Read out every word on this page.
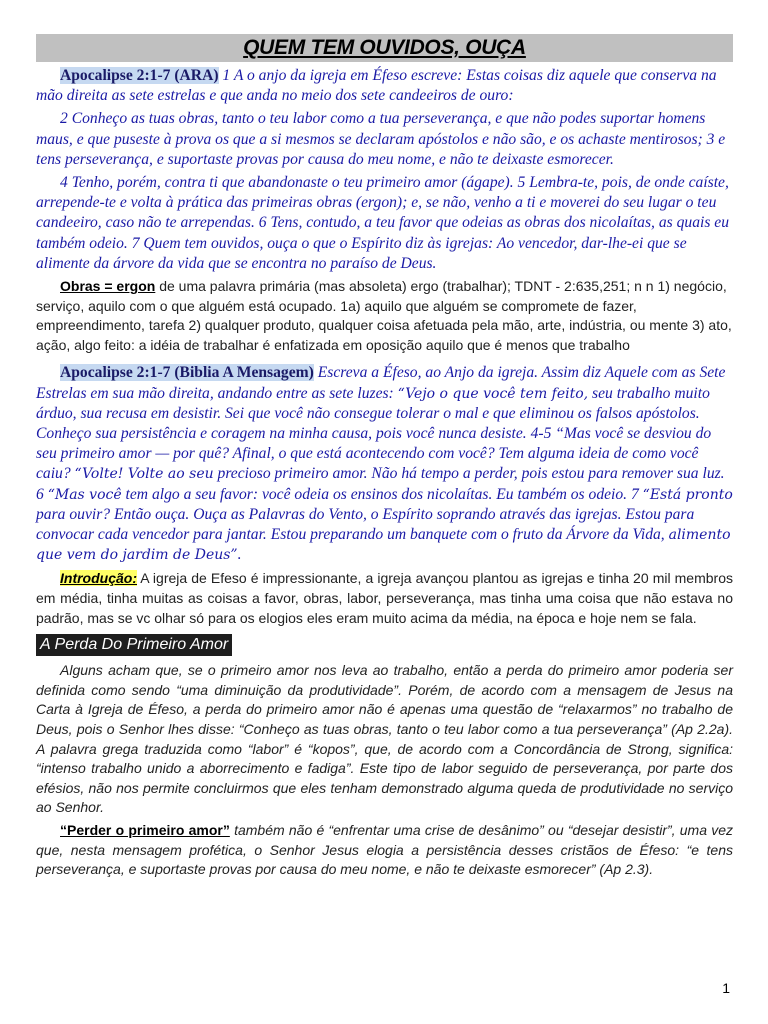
QUEM TEM OUVIDOS, OUÇA

Apocalipse 2:1-7 (ARA) 1 A o anjo da igreja em Éfeso escreve: Estas coisas diz aquele que conserva na mão direita as sete estrelas e que anda no meio dos sete candeeiros de ouro:

2 Conheço as tuas obras, tanto o teu labor como a tua perseverança, e que não podes suportar homens maus, e que puseste à prova os que a si mesmos se declaram apóstolos e não são, e os achaste mentirosos; 3 e tens perseverança, e suportaste provas por causa do meu nome, e não te deixaste esmorecer.

4 Tenho, porém, contra ti que abandonaste o teu primeiro amor (ágape). 5 Lembra-te, pois, de onde caíste, arrepende-te e volta à prática das primeiras obras (ergon); e, se não, venho a ti e moverei do seu lugar o teu candeeiro, caso não te arrependas. 6 Tens, contudo, a teu favor que odeias as obras dos nicolaítas, as quais eu também odeio. 7 Quem tem ouvidos, ouça o que o Espírito diz às igrejas: Ao vencedor, dar-lhe-ei que se alimente da árvore da vida que se encontra no paraíso de Deus.

Obras = ergon de uma palavra primária (mas absoleta) ergo (trabalhar); TDNT - 2:635,251; n n 1) negócio, serviço, aquilo com o que alguém está ocupado. 1a) aquilo que alguém se compromete de fazer, empreendimento, tarefa 2) qualquer produto, qualquer coisa afetuada pela mão, arte, indústria, ou mente 3) ato, ação, algo feito: a idéia de trabalhar é enfatizada em oposição aquilo que é menos que trabalho

Apocalipse 2:1-7 (Biblia A Mensagem) Escreva a Éfeso, ao Anjo da igreja. Assim diz Aquele com as Sete Estrelas em sua mão direita, andando entre as sete luzes: “Vejo o que você tem feito, seu trabalho muito árduo, sua recusa em desistir. Sei que você não consegue tolerar o mal e que eliminou os falsos apóstolos. Conheço sua persistência e coragem na minha causa, pois você nunca desiste. 4-5 “Mas você se desviou do seu primeiro amor — por quê? Afinal, o que está acontecendo com você? Tem alguma ideia de como você caiu? “Volte! Volte ao seu precioso primeiro amor. Não há tempo a perder, pois estou para remover sua luz. 6 “Mas você tem algo a seu favor: você odeia os ensinos dos nicolaítas. Eu também os odeio. 7 “Está pronto para ouvir? Então ouça. Ouça as Palavras do Vento, o Espírito soprando através das igrejas. Estou para convocar cada vencedor para jantar. Estou preparando um banquete com o fruto da Árvore da Vida, alimento que vem do jardim de Deus”.

Introdução: A igreja de Efeso é impressionante, a igreja avançou plantou as igrejas e tinha 20 mil membros em média, tinha muitas as coisas a favor, obras, labor, perseverança, mas tinha uma coisa que não estava no padrão, mas se vc olhar só para os elogios eles eram muito acima da média, na época e hoje nem se fala.

A Perda Do Primeiro Amor

Alguns acham que, se o primeiro amor nos leva ao trabalho, então a perda do primeiro amor poderia ser definida como sendo “uma diminuição da produtividade”. Porém, de acordo com a mensagem de Jesus na Carta à Igreja de Éfeso, a perda do primeiro amor não é apenas uma questão de “relaxarmos” no trabalho de Deus, pois o Senhor lhes disse: “Conheço as tuas obras, tanto o teu labor como a tua perseverança” (Ap 2.2a). A palavra grega traduzida como “labor” é “kopos”, que, de acordo com a Concordância de Strong, significa: “intenso trabalho unido a aborrecimento e fadiga”. Este tipo de labor seguido de perseverança, por parte dos efésios, não nos permite concluirmos que eles tenham demonstrado alguma queda de produtividade no serviço ao Senhor.

“Perder o primeiro amor” também não é “enfrentar uma crise de desânimo” ou “desejar desistir”, uma vez que, nesta mensagem profética, o Senhor Jesus elogia a persistência desses cristãos de Éfeso: “e tens perseverança, e suportaste provas por causa do meu nome, e não te deixaste esmorecer” (Ap 2.3).

1
